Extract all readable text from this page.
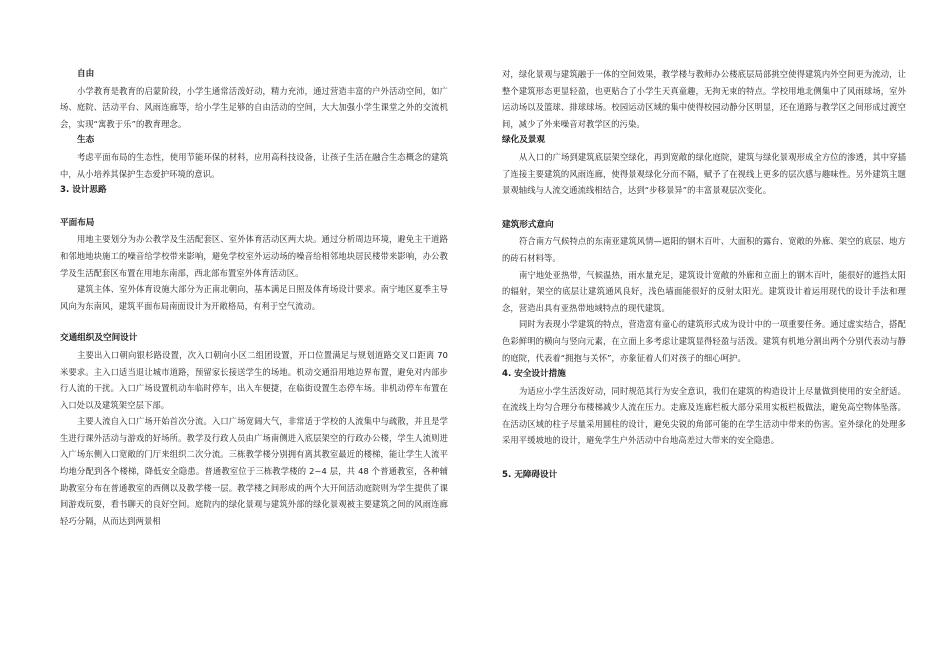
自由

小学教育是教育的启蒙阶段，小学生通常活泼好动，精力充沛，通过营造丰富的户外活动空间，如广场、庭院、活动平台、风雨连廊等，给小学生足够的自由活动的空间，大大加强小学生课堂之外的交流机会，实现“寓教于乐”的教育理念。

生态

考虑平面布局的生态性，使用节能环保的材料，应用高科技设备，让孩子生活在融合生态概念的建筑中，从小培养其保护生态爱护环境的意识。

3. 设计思路

平面布局

用地主要划分为办公教学及生活配套区、室外体育活动区两大块。通过分析周边环境，避免主干道路和邻地地块施工的噪音给学校带来影响，避免学校室外运动场的噪音给相邻地块居民楼带来影响，办公教学及生活配套区布置在用地东南部，西北部布置室外体育活动区。

建筑主体、室外体育设施大部分为正南北朝向，基本满足日照及体育场设计要求。南宁地区夏季主导风向为东南风，建筑平面布局南面设计为开敞格局，有利于空气流动。

交通组织及空间设计

主要出入口朝向银杉路设置，次入口朝向小区二组团设置，开口位置满足与规划道路交叉口距离 70 米要求。主入口适当退让城市道路，预留家长接送学生的场地。机动交通沿用地边界布置，避免对内部步行人流的干扰。入口广场设置机动车临时停车，出入车便捷，在临街设置生态停车场。非机动停车布置在入口处以及建筑架空层下部。

主要人流自入口广场开始首次分流。入口广场宽阔大气，非常适于学校的人流集中与疏散，并且是学生进行课外活动与游戏的好场所。教学及行政人员由广场南侧进入底层架空的行政办公楼，学生人流则进入广场东侧入口宽敞的门厅来组织二次分流。三栋教学楼分别拥有离其教室最近的楼梯，能让学生人流平均地分配到各个楼梯，降低安全隐患。普通教室位于三栋教学楼的 2~4 层，共 48 个普通教室，各种辅助教室分布在普通教室的西侧以及教学楼一层。教学楼之间形成的两个大开间活动庭院则为学生提供了课间游戏玩耍，看书聊天的良好空间。庭院内的绿化景观与建筑外部的绿化景观被主要建筑之间的风雨连廊轻巧分隔，从而达到两景相

对，绿化景观与建筑融于一体的空间效果，教学楼与教师办公楼底层局部挑空使得建筑内外空间更为流动，让整个建筑形态更显轻盈，也更贴合了小学生天真童趣，无拘无束的特点。学校用地北侧集中了风雨球场，室外运动场以及篮球、排球球场。校园运动区域的集中使得校园动静分区明显，还在道路与教学区之间形成过渡空间，减少了外来噪音对教学区的污染。

绿化及景观

从入口的广场到建筑底层架空绿化，再到宽敞的绿化庭院，建筑与绿化景观形成全方位的渗透，其中穿插了连接主要建筑的风雨连廊，使得景观绿化分而不隔，赋予了在视线上更多的层次感与趣味性。另外建筑主题景观轴线与人流交通流线相结合，达到“步移景异”的丰富景观层次变化。

建筑形式意向

符合南方气候特点的东南亚建筑风情—遮阳的钢木百叶、大面积的露台、宽敞的外廊、架空的底层、地方的砖石材料等。

南宁地处亚热带，气候温热，雨水量充足，建筑设计宽敞的外廊和立面上的钢木百叶，能很好的遮挡太阳的辐射，架空的底层让建筑通风良好，浅色墙面能很好的反射太阳光。建筑设计着运用现代的设计手法和理念，营造出具有亚热带地域特点的现代建筑。

同时为表现小学建筑的特点，营造富有童心的建筑形式成为设计中的一项重要任务。通过虚实结合，搭配色彩鲜明的横向与竖向元素，在立面上多考虑让建筑显得轻盈与活泼。建筑有机地分割出两个分别代表动与静的庭院，代表着“拥抱与关怀”，亦象征着人们对孩子的细心呵护。

4. 安全设计措施

为适应小学生活泼好动，同时规范其行为安全意识，我们在建筑的构造设计上尽量做到使用的安全舒适。在流线上均匀合理分布楼梯减少人流在压力。走廊及连廊栏板大部分采用实板栏板做法，避免高空物体坠落。在活动区域的柱子尽量采用圆柱的设计，避免尖锐的角部可能的在学生活动中带来的伤害。室外绿化的处理多采用平缓坡地的设计，避免学生户外活动中台地高差过大带来的安全隐患。

5. 无障碍设计
